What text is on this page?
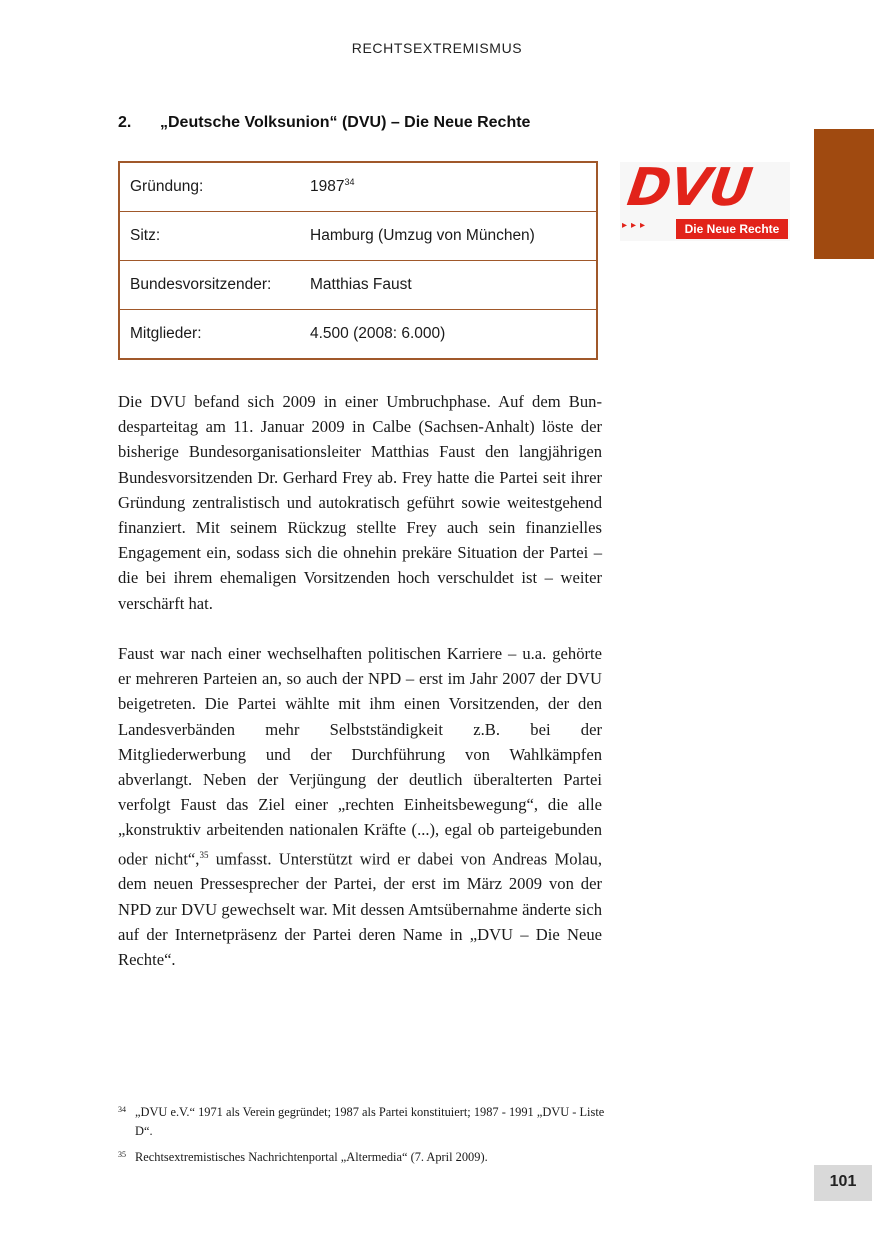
RECHTSEXTREMISMUS
2. „Deutsche Volksunion“ (DVU) – Die Neue Rechte
Gründung:	1987$^{34}$
Sitz:	Hamburg (Umzug von München)
Bundesvorsitzender:	Matthias Faust
Mitglieder:	4.500 (2008: 6.000)
DVU
▸▸▸	Die Neue Rechte

Die DVU befand sich 2009 in einer Umbruchphase. Auf dem Bundesparteitag am 11. Januar 2009 in Calbe (Sachsen-Anhalt) löste der bisherige Bundesorganisationsleiter Matthias Faust den langjährigen Bundesvorsitzenden Dr. Gerhard Frey ab. Frey hatte die Partei seit ihrer Gründung zentralistisch und autokratisch geführt sowie weitestgehend finanziert. Mit seinem Rückzug stellte Frey auch sein finanzielles Engagement ein, sodass sich die ohnehin prekäre Situation der Partei – die bei ihrem ehemaligen Vorsitzenden hoch verschuldet ist – weiter verschärft hat.

Faust war nach einer wechselhaften politischen Karriere – u.a. gehörte er mehreren Parteien an, so auch der NPD – erst im Jahr 2007 der DVU beigetreten. Die Partei wählte mit ihm einen Vorsitzenden, der den Landesverbänden mehr Selbstständigkeit z.B. bei der Mitgliederwerbung und der Durchführung von Wahlkämpfen abverlangt. Neben der Verjüngung der deutlich überalterten Partei verfolgt Faust das Ziel einer „rechten Einheitsbewegung“, die alle „konstruktiv arbeitenden nationalen Kräfte (...), egal ob parteigebunden oder nicht“,$^{35}$ umfasst. Unterstützt wird er dabei von Andreas Molau, dem neuen Pressesprecher der Partei, der erst im März 2009 von der NPD zur DVU gewechselt war. Mit dessen Amtsübernahme änderte sich auf der Internetpräsenz der Partei deren Name in „DVU – Die Neue Rechte“.

34 „DVU e.V.“ 1971 als Verein gegründet; 1987 als Partei konstituiert; 1987 - 1991 „DVU - Liste D“.
35 Rechtsextremistisches Nachrichtenportal „Altermedia“ (7. April 2009).
101
